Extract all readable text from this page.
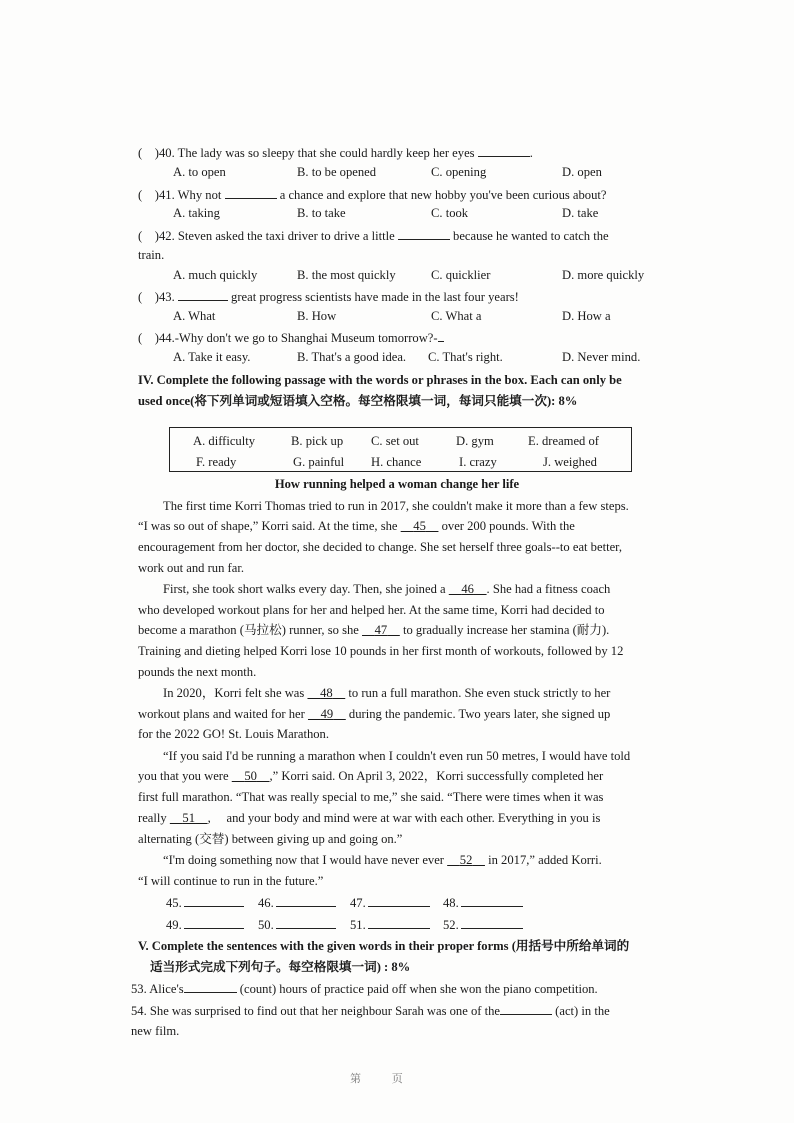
( )40. The lady was so sleepy that she could hardly keep her eyes	.
A. to open	B. to be opened	C. opening	D. open
( )41. Why not	a chance and explore that new hobby you've been curious about?
A. taking	B. to take	C. took	D. take
( )42. Steven asked the taxi driver to drive a little	because he wanted to catch the
train.
A. much quickly	B. the most quickly	C. quicklier	D. more quickly
( )43.	great progress scientists have made in the last four years!
A. What	B. How	C. What a	D. How a
( )44.-Why don't we go to Shanghai Museum tomorrow?-
A. Take it easy.	B. That's a good idea. C. That's right.	D. Never mind.
IV. Complete the following passage with the words or phrases in the box. Each can only be
used once(将下列单词或短语填入空格。每空格限填一词，每词只能填一次): 8%
A. difficulty	B. pick up C. set out	D. gym	E. dreamed of
F. ready	G. painful H. chance	I. crazy	J. weighed
How running helped a woman change her life
The first time Korri Thomas tried to run in 2017, she couldn't make it more than a few steps.
“I was so out of shape,” Korri said. At the time, she 45 over 200 pounds. With the
encouragement from her doctor, she decided to change. She set herself three goals--to eat better,
work out and run far.
First, she took short walks every day. Then, she joined a 46 . She had a fitness coach
who developed workout plans for her and helped her. At the same time, Korri had decided to
become a marathon (马拉松) runner, so she 47 to gradually increase her stamina (耐力).
Training and dieting helped Korri lose 10 pounds in her first month of workouts, followed by 12
pounds the next month.
In 2020，Korri felt she was 48 to run a full marathon. She even stuck strictly to her
workout plans and waited for her 49 during the pandemic. Two years later, she signed up
for the 2022 GO! St. Louis Marathon.
“If you said I'd be running a marathon when I couldn't even run 50 metres, I would have told
you that you were 50 ,” Korri said. On April 3, 2022，Korri successfully completed her
first full marathon. “That was really special to me,” she said. “There were times when it was
really 51 , and your body and mind were at war with each other. Everything in you is
alternating (交替) between giving up and going on.”
“I'm doing something now that I would have never ever 52 in 2017,” added Korri.
“I will continue to run in the future.”
45.	46.	47.	48.
49.	50.	51.	52.
V. Complete the sentences with the given words in their proper forms (用括号中所给单词的
适当形式完成下列句子。每空格限填一词) : 8%
53. Alice's	(count) hours of practice paid off when she won the piano competition.
54. She was surprised to find out that her neighbour Sarah was one of the	(act) in the
new film.
第 页
